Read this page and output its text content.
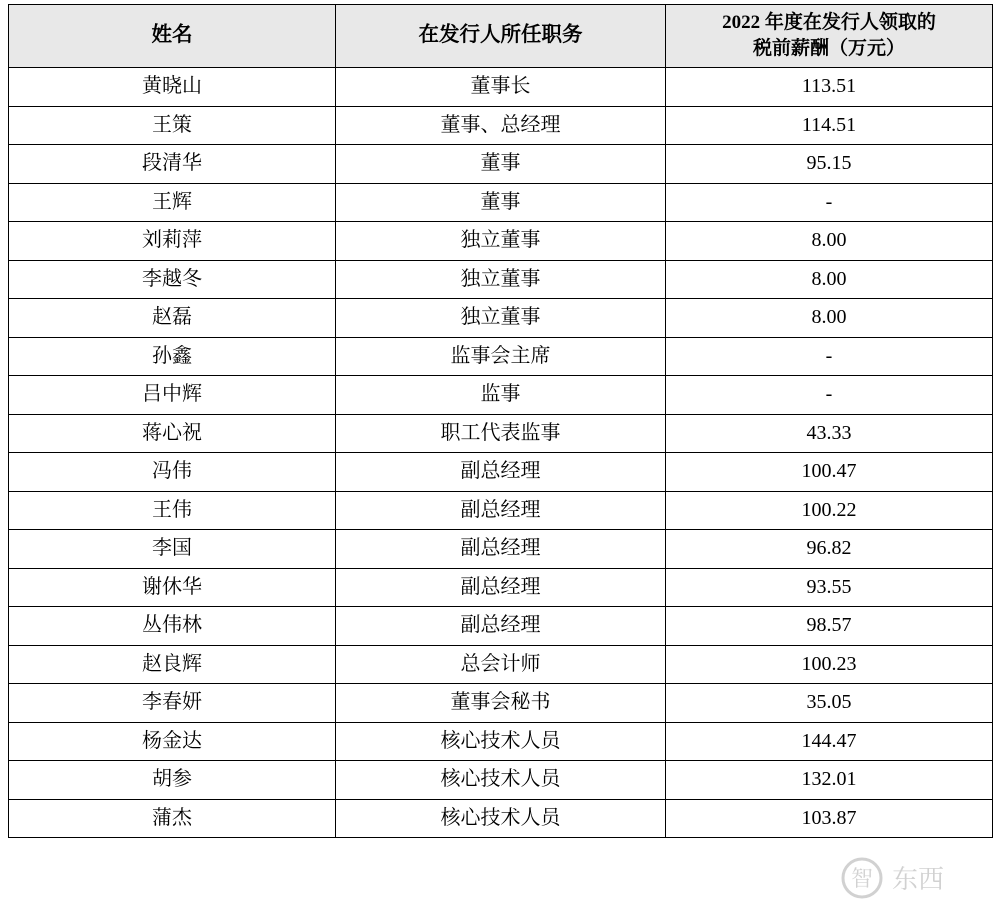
姓名	在发行人所任职务	2022 年度在发行人领取的
税前薪酬（万元）
黄晓山	董事长	113.51
王策	董事、总经理	114.51
段清华	董事	95.15
王辉	董事	-
刘莉萍	独立董事	8.00
李越冬	独立董事	8.00
赵磊	独立董事	8.00
孙鑫	监事会主席	-
吕中辉	监事	-
蒋心祝	职工代表监事	43.33
冯伟	副总经理	100.47
王伟	副总经理	100.22
李国	副总经理	96.82
谢休华	副总经理	93.55
丛伟林	副总经理	98.57
赵良辉	总会计师	100.23
李春妍	董事会秘书	35.05
杨金达	核心技术人员	144.47
胡参	核心技术人员	132.01
蒲杰	核心技术人员	103.87
智 东西
